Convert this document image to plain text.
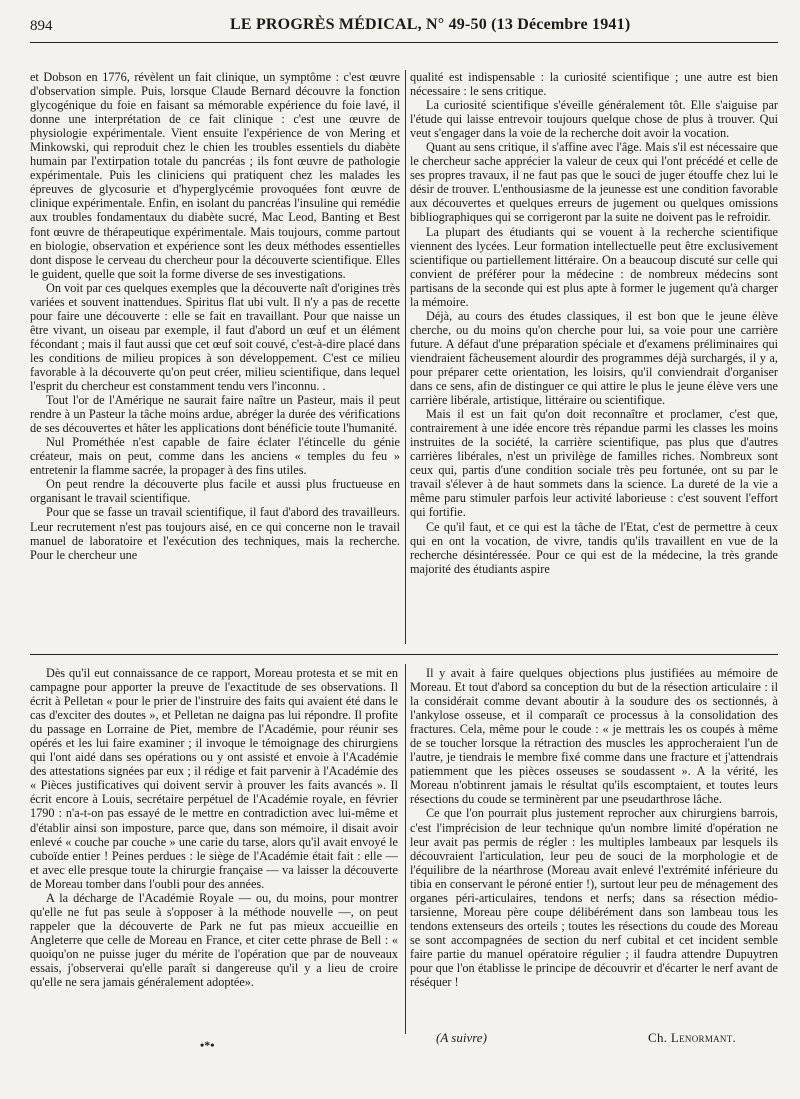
894	LE PROGRÈS MÉDICAL, N° 49-50 (13 Décembre 1941)

et Dobson en 1776, révèlent un fait clinique, un symptôme : c'est œuvre d'observation simple. Puis, lorsque Claude Bernard découvre la fonction glycogénique du foie en faisant sa mémorable expérience du foie lavé, il donne une interprétation de ce fait clinique : c'est une œuvre de physiologie expérimentale. Vient ensuite l'expérience de von Mering et Minkowski, qui reproduit chez le chien les troubles essentiels du diabète humain par l'extirpation totale du pancréas ; ils font œuvre de pathologie expérimentale. Puis les cliniciens qui pratiquent chez les malades les épreuves de glycosurie et d'hyperglycémie provoquées font œuvre de clinique expérimentale. Enfin, en isolant du pancréas l'insuline qui remédie aux troubles fondamentaux du diabète sucré, Mac Leod, Banting et Best font œuvre de thérapeutique expérimentale. Mais toujours, comme partout en biologie, observation et expérience sont les deux méthodes essentielles dont dispose le cerveau du chercheur pour la découverte scientifique. Elles le guident, quelle que soit la forme diverse de ses investigations.

On voit par ces quelques exemples que la découverte naît d'origines très variées et souvent inattendues. Spiritus flat ubi vult. Il n'y a pas de recette pour faire une découverte : elle se fait en travaillant. Pour que naisse un être vivant, un oiseau par exemple, il faut d'abord un œuf et un élément fécondant ; mais il faut aussi que cet œuf soit couvé, c'est-à-dire placé dans les conditions de milieu propices à son développement. C'est ce milieu favorable à la découverte qu'on peut créer, milieu scientifique, dans lequel l'esprit du chercheur est constamment tendu vers l'inconnu. .

Tout l'or de l'Amérique ne saurait faire naître un Pasteur, mais il peut rendre à un Pasteur la tâche moins ardue, abréger la durée des vérifications de ses découvertes et hâter les applications dont bénéficie toute l'humanité.

Nul Prométhée n'est capable de faire éclater l'étincelle du génie créateur, mais on peut, comme dans les anciens « temples du feu » entretenir la flamme sacrée, la propager à des fins utiles.

On peut rendre la découverte plus facile et aussi plus fructueuse en organisant le travail scientifique.

Pour que se fasse un travail scientifique, il faut d'abord des travailleurs. Leur recrutement n'est pas toujours aisé, en ce qui concerne non le travail manuel de laboratoire et l'exécution des techniques, mais la recherche. Pour le chercheur une

qualité est indispensable : la curiosité scientifique ; une autre est bien nécessaire : le sens critique.

La curiosité scientifique s'éveille généralement tôt. Elle s'aiguise par l'étude qui laisse entrevoir toujours quelque chose de plus à trouver. Qui veut s'engager dans la voie de la recherche doit avoir la vocation.

Quant au sens critique, il s'affine avec l'âge. Mais s'il est nécessaire que le chercheur sache apprécier la valeur de ceux qui l'ont précédé et celle de ses propres travaux, il ne faut pas que le souci de juger étouffe chez lui le désir de trouver. L'enthousiasme de la jeunesse est une condition favorable aux découvertes et quelques erreurs de jugement ou quelques omissions bibliographiques qui se corrigeront par la suite ne doivent pas le refroidir.

La plupart des étudiants qui se vouent à la recherche scientifique viennent des lycées. Leur formation intellectuelle peut être exclusivement scientifique ou partiellement littéraire. On a beaucoup discuté sur celle qui convient de préférer pour la médecine : de nombreux médecins sont partisans de la seconde qui est plus apte à former le jugement qu'à charger la mémoire.

Déjà, au cours des études classiques, il est bon que le jeune élève cherche, ou du moins qu'on cherche pour lui, sa voie pour une carrière future. A défaut d'une préparation spéciale et d'examens préliminaires qui viendraient fâcheusement alourdir des programmes déjà surchargés, il y a, pour préparer cette orientation, les loisirs, qu'il conviendrait d'organiser dans ce sens, afin de distinguer ce qui attire le plus le jeune élève vers une carrière libérale, artistique, littéraire ou scientifique.

Mais il est un fait qu'on doit reconnaître et proclamer, c'est que, contrairement à une idée encore très répandue parmi les classes les moins instruites de la société, la carrière scientifique, pas plus que d'autres carrières libérales, n'est un privilège de familles riches. Nombreux sont ceux qui, partis d'une condition sociale très peu fortunée, ont su par le travail s'élever à de haut sommets dans la science. La dureté de la vie a même paru stimuler parfois leur activité laborieuse : c'est souvent l'effort qui fortifie.

Ce qu'il faut, et ce qui est la tâche de l'Etat, c'est de permettre à ceux qui en ont la vocation, de vivre, tandis qu'ils travaillent en vue de la recherche désintéressée. Pour ce qui est de la médecine, la très grande majorité des étudiants aspire

Dès qu'il eut connaissance de ce rapport, Moreau protesta et se mit en campagne pour apporter la preuve de l'exactitude de ses observations. Il écrit à Pelletan « pour le prier de l'instruire des faits qui avaient été dans le cas d'exciter des doutes », et Pelletan ne daigna pas lui répondre. Il profite du passage en Lorraine de Piet, membre de l'Académie, pour réunir ses opérés et les lui faire examiner ; il invoque le témoignage des chirurgiens qui l'ont aidé dans ses opérations ou y ont assisté et envoie à l'Académie des attestations signées par eux ; il rédige et fait parvenir à l'Académie des « Pièces justificatives qui doivent servir à prouver les faits avancés ». Il écrit encore à Louis, secrétaire perpétuel de l'Académie royale, en février 1790 : n'a-t-on pas essayé de le mettre en contradiction avec lui-même et d'établir ainsi son imposture, parce que, dans son mémoire, il disait avoir enlevé « couche par couche » une carie du tarse, alors qu'il avait envoyé le cuboïde entier ! Peines perdues : le siège de l'Académie était fait : elle — et avec elle presque toute la chirurgie française — va laisser la découverte de Moreau tomber dans l'oubli pour des années.

A la décharge de l'Académie Royale — ou, du moins, pour montrer qu'elle ne fut pas seule à s'opposer à la méthode nouvelle —, on peut rappeler que la découverte de Park ne fut pas mieux accueillie en Angleterre que celle de Moreau en France, et citer cette phrase de Bell : « quoiqu'on ne puisse juger du mérite de l'opération que par de nouveaux essais, j'observerai qu'elle paraît si dangereuse qu'il y a lieu de croire qu'elle ne sera jamais généralement adoptée».

Il y avait à faire quelques objections plus justifiées au mémoire de Moreau. Et tout d'abord sa conception du but de la résection articulaire : il la considérait comme devant aboutir à la soudure des os sectionnés, à l'ankylose osseuse, et il comparaît ce processus à la consolidation des fractures. Cela, même pour le coude : « je mettrais les os coupés à même de se toucher lorsque la rétraction des muscles les approcheraient l'un de l'autre, je tiendrais le membre fixé comme dans une fracture et j'attendrais patiemment que les pièces osseuses se soudassent ». A la vérité, les Moreau n'obtinrent jamais le résultat qu'ils escomptaient, et toutes leurs résections du coude se terminèrent par une pseudarthrose lâche.

Ce que l'on pourrait plus justement reprocher aux chirurgiens barrois, c'est l'imprécision de leur technique qu'un nombre limité d'opération ne leur avait pas permis de régler : les multiples lambeaux par lesquels ils découvraient l'articulation, leur peu de souci de la morphologie et de l'équilibre de la néarthrose (Moreau avait enlevé l'extrémité inférieure du tibia en conservant le péroné entier !), surtout leur peu de ménagement des organes péri-articulaires, tendons et nerfs; dans sa résection médio-tarsienne, Moreau père coupe délibérément dans son lambeau tous les tendons extenseurs des orteils ; toutes les résections du coude des Moreau se sont accompagnées de section du nerf cubital et cet incident semble faire partie du manuel opératoire régulier ; il faudra attendre Dupuytren pour que l'on établisse le principe de découvrir et d'écarter le nerf avant de réséquer !

•*•	(A suivre)	Ch. Lenormant.
